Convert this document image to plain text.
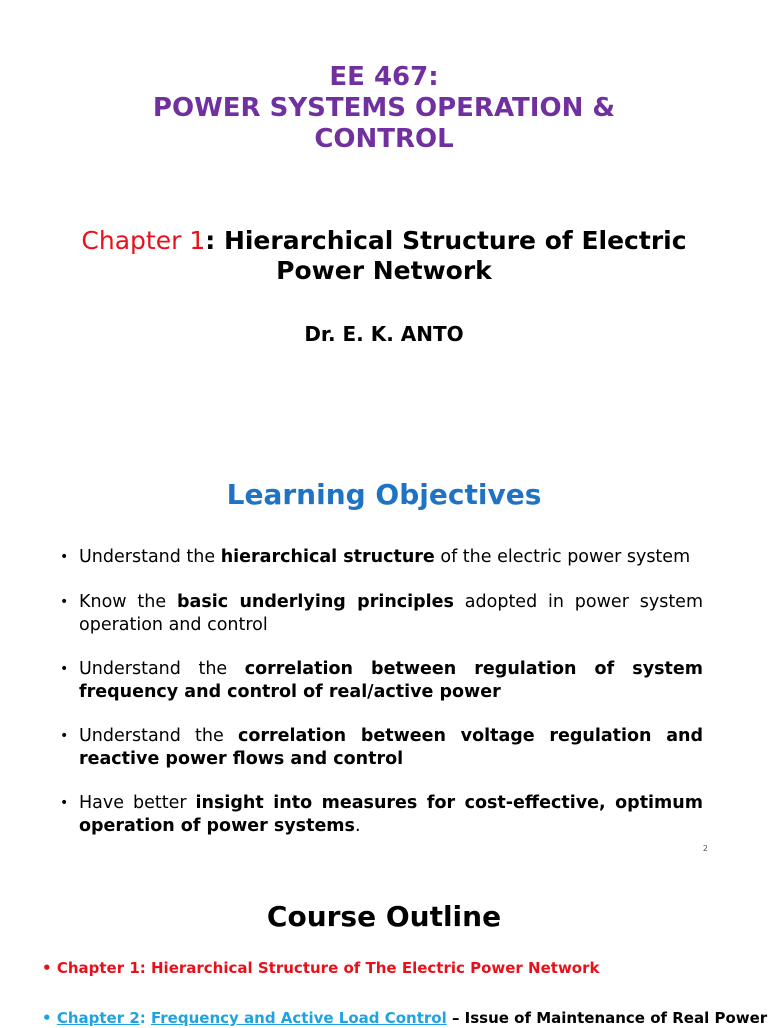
EE 467:
POWER SYSTEMS OPERATION &
CONTROL
Chapter 1: Hierarchical Structure of Electric Power Network
Dr. E. K. ANTO
Learning Objectives
• Understand the hierarchical structure of the electric power system
• Know the basic underlying principles adopted in power system operation and control
• Understand the correlation between regulation of system frequency and control of real/active power
• Understand the correlation between voltage regulation and reactive power flows and control
• Have better insight into measures for cost-effective, optimum operation of power systems.
2
Course Outline
• Chapter 1: Hierarchical Structure of The Electric Power Network
• Chapter 2: Frequency and Active Load Control – Issue of Maintenance of Real Power
